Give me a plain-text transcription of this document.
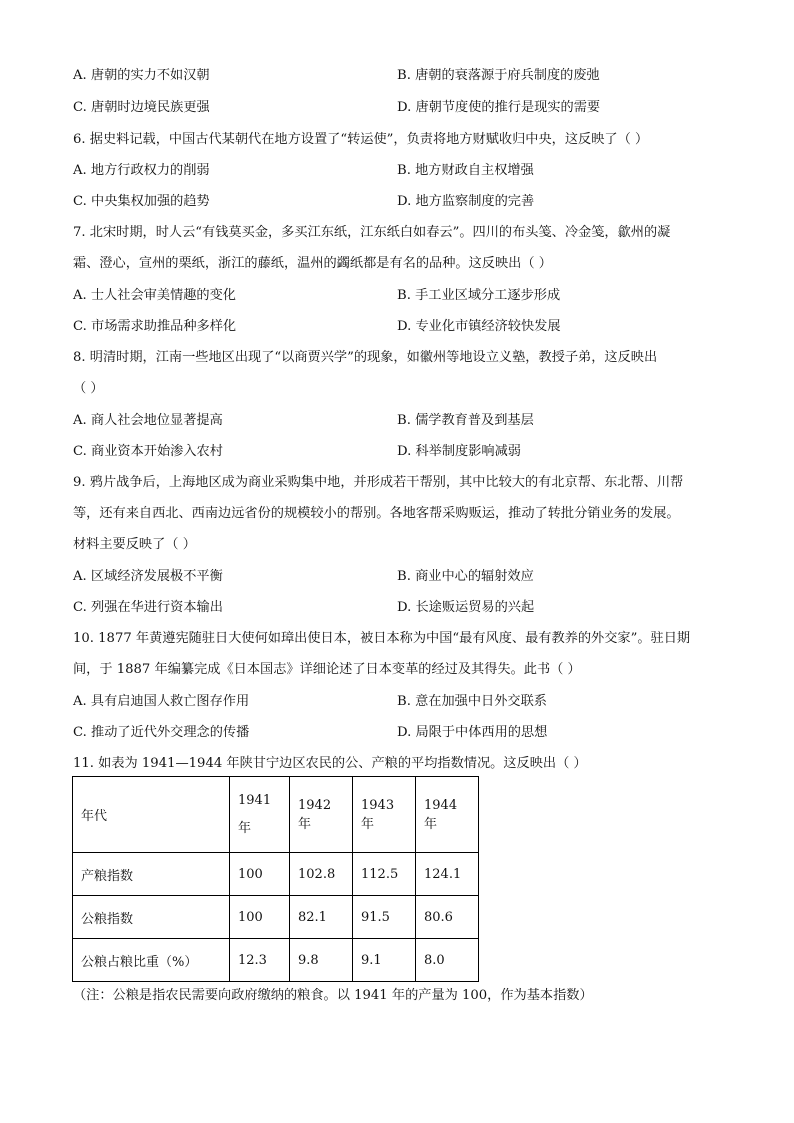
A. 唐朝的实力不如汉朝	B. 唐朝的衰落源于府兵制度的废弛
C. 唐朝时边境民族更强	D. 唐朝节度使的推行是现实的需要
6. 据史料记载，中国古代某朝代在地方设置了“转运使”，负责将地方财赋收归中央，这反映了（ ）
A. 地方行政权力的削弱	B. 地方财政自主权增强
C. 中央集权加强的趋势	D. 地方监察制度的完善
7. 北宋时期，时人云“有钱莫买金，多买江东纸，江东纸白如春云”。四川的布头笺、冷金笺，歙州的凝
霜、澄心，宣州的栗纸，浙江的藤纸，温州的蠲纸都是有名的品种。这反映出（ ）
A. 士人社会审美情趣的变化	B. 手工业区域分工逐步形成
C. 市场需求助推品种多样化	D. 专业化市镇经济较快发展
8. 明清时期，江南一些地区出现了“以商贾兴学”的现象，如徽州等地设立义塾，教授子弟，这反映出
（ ）
A. 商人社会地位显著提高	B. 儒学教育普及到基层
C. 商业资本开始渗入农村	D. 科举制度影响减弱
9. 鸦片战争后，上海地区成为商业采购集中地，并形成若干帮别，其中比较大的有北京帮、东北帮、川帮
等，还有来自西北、西南边远省份的规模较小的帮别。各地客帮采购贩运，推动了转批分销业务的发展。
材料主要反映了（ ）
A. 区域经济发展极不平衡	B. 商业中心的辐射效应
C. 列强在华进行资本输出	D. 长途贩运贸易的兴起
10. 1877 年黄遵宪随驻日大使何如璋出使日本，被日本称为中国“最有风度、最有教养的外交家”。驻日期
间，于 1887 年编纂完成《日本国志》详细论述了日本变革的经过及其得失。此书（ ）
A. 具有启迪国人救亡图存作用	B. 意在加强中日外交联系
C. 推动了近代外交理念的传播	D. 局限于中体西用的思想
11. 如表为 1941—1944 年陕甘宁边区农民的公、产粮的平均指数情况。这反映出（ ）
年代	1941 年	1942 年	1943 年	1944 年
产粮指数	100	102.8	112.5	124.1
公粮指数	100	82.1	91.5	80.6
公粮占粮比重（%）	12.3	9.8	9.1	8.0
（注：公粮是指农民需要向政府缴纳的粮食。以 1941 年的产量为 100，作为基本指数）
